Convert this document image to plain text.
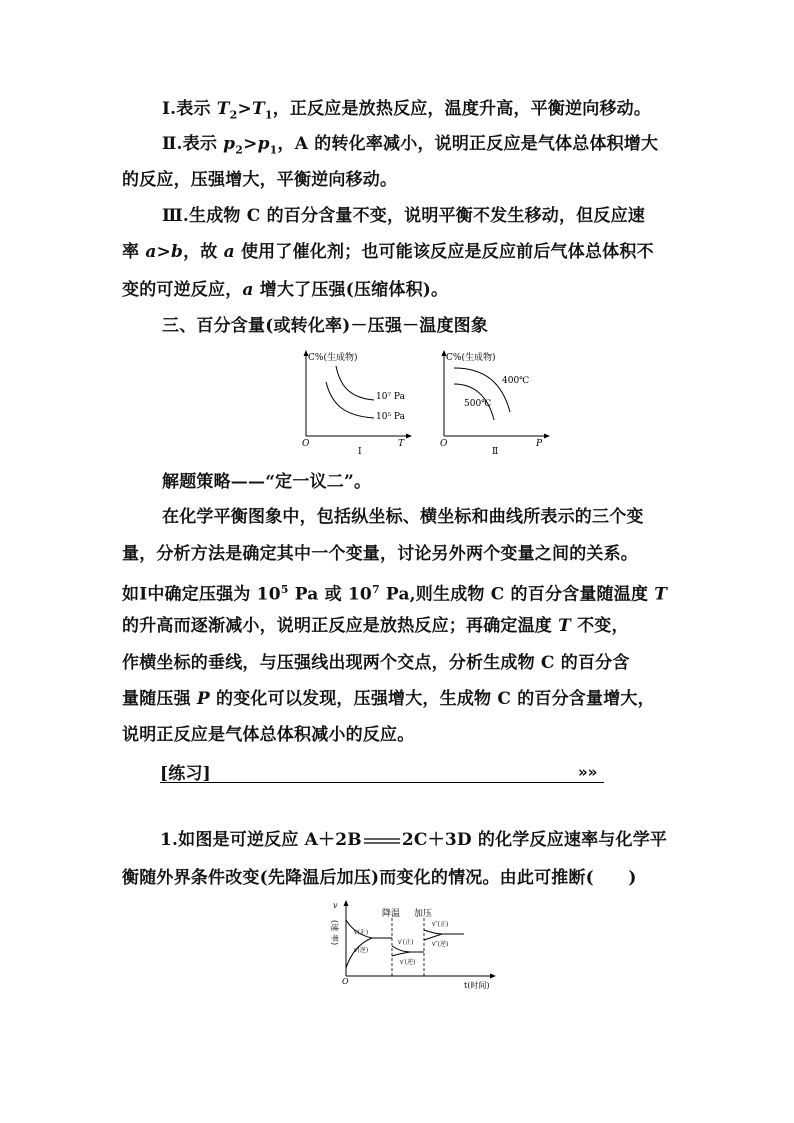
Ⅰ.表示 $T_2>T_1$，正反应是放热反应，温度升高，平衡逆向移动。
Ⅱ.表示 $p_2>p_1$，A 的转化率减小，说明正反应是气体总体积增大
的反应，压强增大，平衡逆向移动。
Ⅲ.生成物 C 的百分含量不变，说明平衡不发生移动，但反应速
率 a>b，故 a 使用了催化剂；也可能该反应是反应前后气体总体积不
变的可逆反应，a 增大了压强(压缩体积)。
三、百分含量(或转化率)－压强－温度图象
C%(生成物)
O	T
Ⅰ
10⁷ Pa
10⁵ Pa
C%(生成物)
O	P
Ⅱ
400℃
500℃
解题策略——“定一议二”。
在化学平衡图象中，包括纵坐标、横坐标和曲线所表示的三个变
量，分析方法是确定其中一个变量，讨论另外两个变量之间的关系。
如Ⅰ中确定压强为 $10^5$ Pa 或 $10^7$ Pa,则生成物 C 的百分含量随温度 T
的升高而逐渐减小，说明正反应是放热反应；再确定温度 T 不变，
作横坐标的垂线，与压强线出现两个交点，分析生成物 C 的百分含
量随压强 P 的变化可以发现，压强增大，生成物 C 的百分含量增大，
说明正反应是气体总体积减小的反应。
[练习]	»»
1.如图是可逆反应 A＋2B 2C＋3D 的化学反应速率与化学平
衡随外界条件改变(先降温后加压)而变化的情况。由此可推断(　　)
v
(速
率)
O	t(时间)
降温 加压
v(正)
v(逆)
v′(正)
v′(逆)
v″(正)
v″(逆)
